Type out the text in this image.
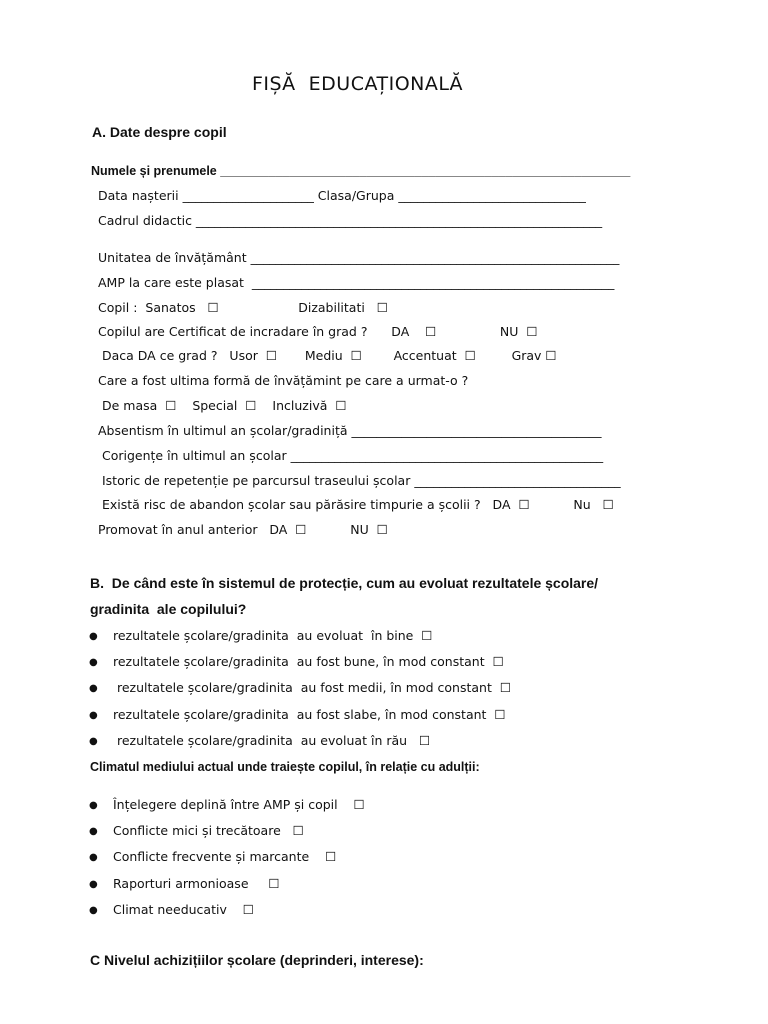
FIȘĂ  EDUCAȚIONALĂ
A. Date despre copil
Numele și prenumele ___________________________________________________________
Data nașterii _____________________ Clasa/Grupa ______________________________
Cadrul didactic _________________________________________________________________
Unitatea de învățământ ___________________________________________________________
AMP la care este plasat  __________________________________________________________
Copil :  Sanatos   ☐                    Dizabilitati   ☐
Copilul are Certificat de incradare în grad ?      DA    ☐                NU  ☐
Daca DA ce grad ?   Usor  ☐       Mediu  ☐        Accentuat  ☐         Grav ☐
Care a fost ultima formă de învățămint pe care a urmat-o ?
De masa  ☐    Special  ☐    Incluzivă  ☐
Absentism în ultimul an școlar/gradiniță ________________________________________
Corigențe în ultimul an școlar __________________________________________________
Istoric de repetenție pe parcursul traseului școlar _________________________________
Există risc de abandon școlar sau părăsire timpurie a școlii ?   DA  ☐           Nu   ☐
Promovat în anul anterior   DA  ☐           NU  ☐
B.  De când este în sistemul de protecție, cum au evoluat rezultatele școlare/
gradinita  ale copilului?
● rezultatele școlare/gradinita  au evoluat  în bine  ☐
● rezultatele școlare/gradinita  au fost bune, în mod constant  ☐
● rezultatele școlare/gradinita  au fost medii, în mod constant  ☐
● rezultatele școlare/gradinita  au fost slabe, în mod constant  ☐
● rezultatele școlare/gradinita  au evoluat în rău   ☐
Climatul mediului actual unde traiește copilul, în relație cu adulții:
● Înțelegere deplină între AMP și copil    ☐
● Conflicte mici și trecătoare   ☐
● Conflicte frecvente și marcante    ☐
● Raporturi armonioase     ☐
● Climat needucativ    ☐
C Nivelul achizițiilor școlare (deprinderi, interese):
